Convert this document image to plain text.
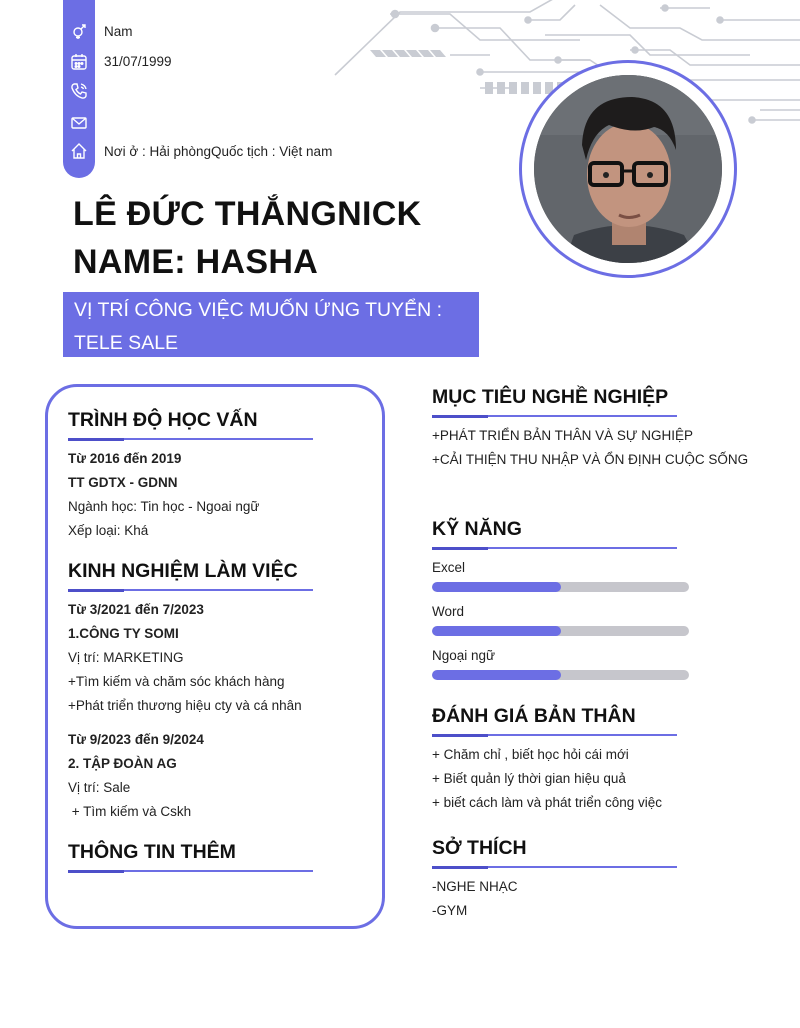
Nam
31/07/1999
Nơi ở : Hải phòngQuốc tịch : Việt nam
LÊ ĐỨC THẮNGNICK NAME: HASHA
VỊ TRÍ CÔNG VIỆC MUỐN ỨNG TUYỂN : TELE SALE
TRÌNH ĐỘ HỌC VẤN
Từ 2016 đến 2019
TT GDTX - GDNN
Ngành học: Tin học - Ngoai ngữ
Xếp loại: Khá
KINH NGHIỆM LÀM VIỆC
Từ 3/2021 đến 7/2023
1.CÔNG TY SOMI
Vị trí: MARKETING
+Tìm kiếm và chăm sóc khách hàng
+Phát triển thương hiệu cty và cá nhân
Từ 9/2023 đến 9/2024
2. TẬP ĐOÀN AG
Vị trí: Sale
+ Tìm kiếm và Cskh
THÔNG TIN THÊM
MỤC TIÊU NGHỀ NGHIỆP
+PHÁT TRIỂN BẢN THÂN VÀ SỰ NGHIỆP
+CẢI THIỆN THU NHẬP VÀ ỔN ĐỊNH CUỘC SỐNG
KỸ NĂNG
Excel
Word
Ngoại ngữ
ĐÁNH GIÁ BẢN THÂN
+ Chăm chỉ , biết học hỏi cái mới
+ Biết quản lý thời gian hiệu quả
+ biết cách làm và phát triển công việc
SỞ THÍCH
-NGHE NHẠC
-GYM
